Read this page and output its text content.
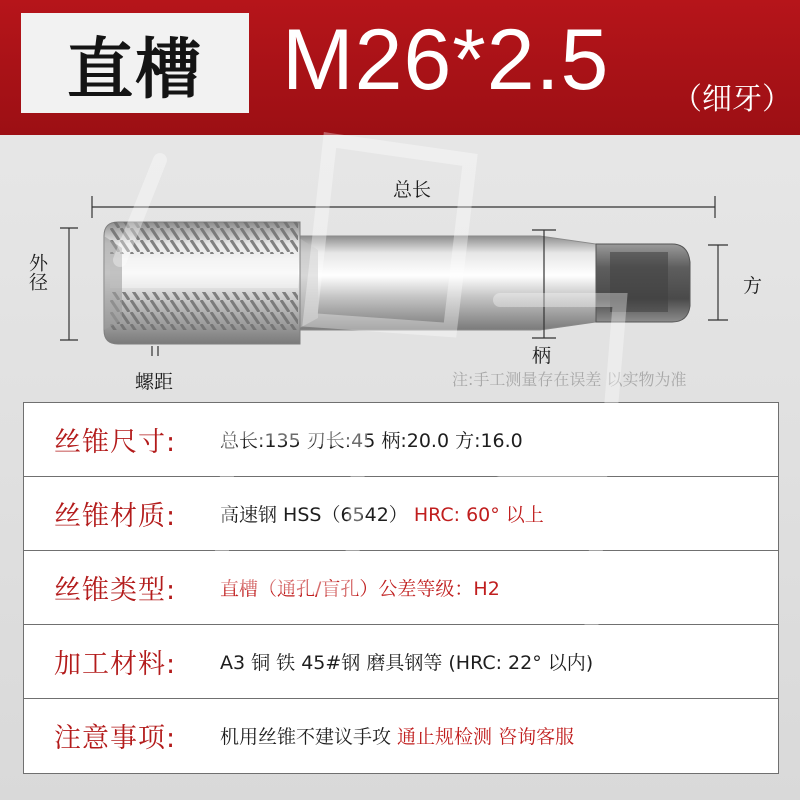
直槽 M26*2.5 （细牙）
总长
外径
螺距
柄
方
注:手工测量存在误差 以实物为准
丝锥尺寸: 总长:135 刃长:45 柄:20.0 方:16.0
丝锥材质: 高速钢 HSS（6542） HRC: 60° 以上
丝锥类型: 直槽（通孔/盲孔）公差等级：H2
加工材料: A3 铜 铁 45#钢 磨具钢等 (HRC: 22° 以内)
注意事项: 机用丝锥不建议手攻 通止规检测 咨询客服
